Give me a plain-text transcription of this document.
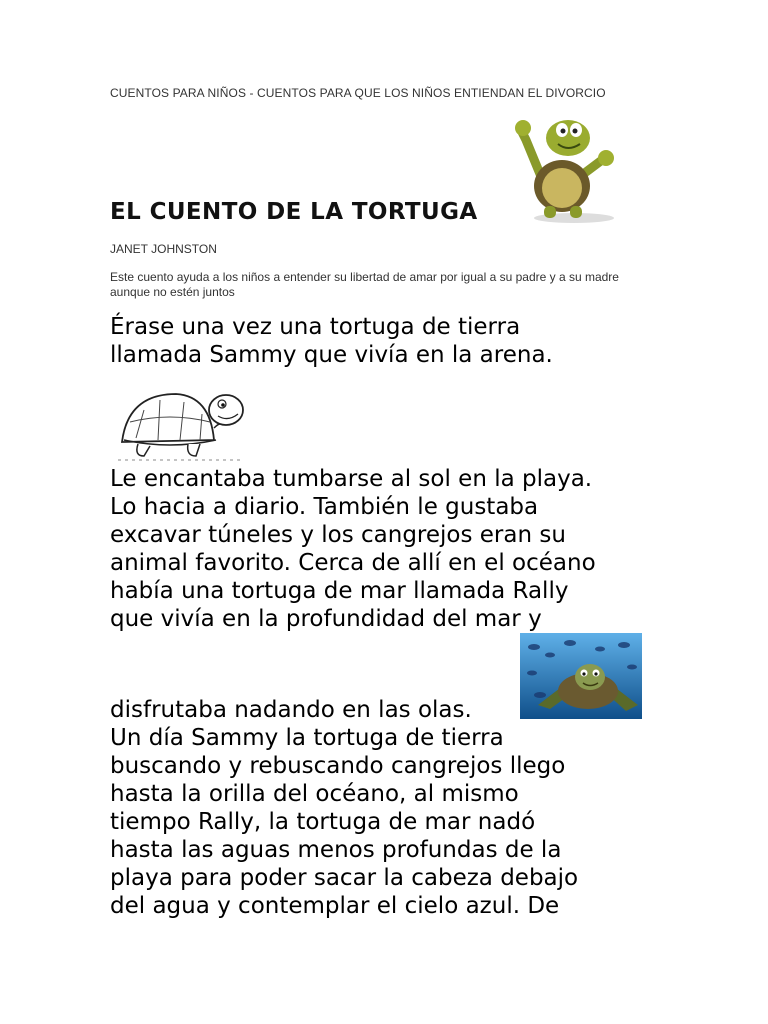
CUENTOS PARA NIÑOS - CUENTOS PARA QUE LOS NIÑOS ENTIENDAN EL DIVORCIO
EL CUENTO DE LA TORTUGA
JANET JOHNSTON
Este cuento ayuda a los niños a entender su libertad de amar por igual a su padre y a su madre
aunque no estén juntos
Érase una vez una tortuga de tierra
llamada Sammy que vivía en la arena.
Le encantaba tumbarse al sol en la playa.
Lo hacia a diario. También le gustaba
excavar túneles y los cangrejos eran su
animal favorito. Cerca de allí en el océano
había una tortuga de mar llamada Rally
que vivía en la profundidad del mar y
disfrutaba nadando en las olas.
Un día Sammy la tortuga de tierra
buscando y rebuscando cangrejos llego
hasta la orilla del océano, al mismo
tiempo Rally, la tortuga de mar nadó
hasta las aguas menos profundas de la
playa para poder sacar la cabeza debajo
del agua y contemplar el cielo azul. De
